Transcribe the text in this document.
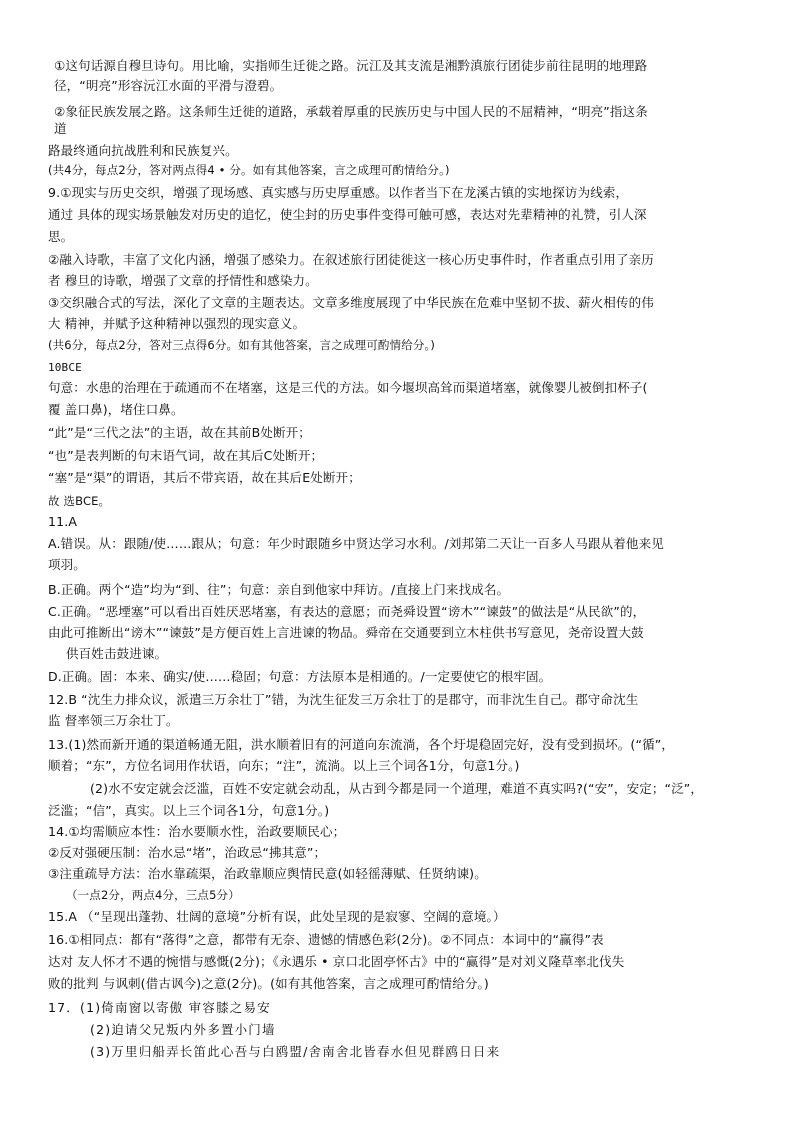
①这句话源自穆旦诗句。用比喻，实指师生迁徙之路。沅江及其支流是湘黔滇旅行团徒步前往昆明的地理路
径，“明亮”形容沅江水面的平滑与澄碧。
②象征民族发展之路。这条师生迁徙的道路，承载着厚重的民族历史与中国人民的不屈精神，“明亮”指这条
道
路最终通向抗战胜利和民族复兴。
(共4分，每点2分，答对两点得4 • 分。如有其他答案，言之成理可酌情给分。)
9.①现实与历史交织，增强了现场感、真实感与历史厚重感。以作者当下在龙溪古镇的实地探访为线索，
通过 具体的现实场景触发对历史的追忆，使尘封的历史事件变得可触可感，表达对先辈精神的礼赞，引人深
思。
②融入诗歌，丰富了文化内涵，增强了感染力。在叙述旅行团徒徙这一核心历史事件时，作者重点引用了亲历
者 穆旦的诗歌，增强了文章的抒情性和感染力。
③交织融合式的写法，深化了文章的主题表达。文章多维度展现了中华民族在危难中坚韧不拔、薪火相传的伟
大 精神，并赋予这种精神以强烈的现实意义。
(共6分，每点2分，答对三点得6分。如有其他答案，言之成理可酌情给分。)
10BCE
句意：水患的治理在于疏通而不在堵塞，这是三代的方法。如今堰坝高耸而渠道堵塞，就像婴儿被倒扣杯子(
覆 盖口鼻)，堵住口鼻。
“此”是“三代之法”的主语，故在其前B处断开；
“也”是表判断的句末语气词，故在其后C处断开；
“塞”是“渠”的谓语，其后不带宾语，故在其后E处断开；
故 选BCE。
11.A
A.错误。从：跟随/使……跟从；句意：年少时跟随乡中贤达学习水利。/刘邦第二天让一百多人马跟从着他来见
项羽。
B.正确。两个“造”均为“到、往”；句意：亲自到他家中拜访。/直接上门来找成名。
C.正确。“恶堙塞”可以看出百姓厌恶堵塞，有表达的意愿；而尧舜设置“谤木”“谏鼓”的做法是“从民欲”的，
由此可推断出“谤木”“谏鼓”是方便百姓上言进谏的物品。舜帝在交通要到立木柱供书写意见，尧帝设置大鼓
供百姓击鼓进谏。
D.正确。固：本来、确实/使……稳固；句意：方法原本是相通的。/一定要使它的根牢固。
12.B “沈生力排众议，派遣三万余壮丁”错，为沈生征发三万余壮丁的是郡守，而非沈生自己。郡守命沈生
监 督率领三万余壮丁。
13.(1)然而新开通的渠道畅通无阻，洪水顺着旧有的河道向东流淌，各个圩堤稳固完好，没有受到损坏。(“循”，
顺着；“东”，方位名词用作状语，向东；“注”，流淌。以上三个词各1分，句意1分。)
(2)水不安定就会泛滥，百姓不安定就会动乱，从古到今都是同一个道理，难道不真实吗?(“安”，安定；“泛”，
泛滥；“信”，真实。以上三个词各1分，句意1分。)
14.①均需顺应本性：治水要顺水性，治政要顺民心；
②反对强硬压制：治水忌“堵”，治政忌“拂其意”；
③注重疏导方法：治水靠疏渠，治政靠顺应舆情民意(如轻徭薄赋、任贤纳谏)。
（一点2分，两点4分，三点5分）
15.A （“呈现出蓬勃、壮阔的意境”分析有误，此处呈现的是寂寥、空阔的意境。）
16.①相同点：都有“落得”之意，都带有无奈、遗憾的情感色彩(2分)。②不同点：本词中的“赢得”表
达对 友人怀才不遇的惋惜与感慨(2分)；《永遇乐 • 京口北固亭怀古》中的“赢得”是对刘义隆草率北伐失
败的批判 与讽刺(借古讽今)之意(2分)。(如有其他答案，言之成理可酌情给分。)
17．(1)倚南窗以寄傲 审容膝之易安
(2)迫请父兄叛内外多置小门墙
(3)万里归船弄长笛此心吾与白鸥盟/舍南舍北皆春水但见群鸥日日来
